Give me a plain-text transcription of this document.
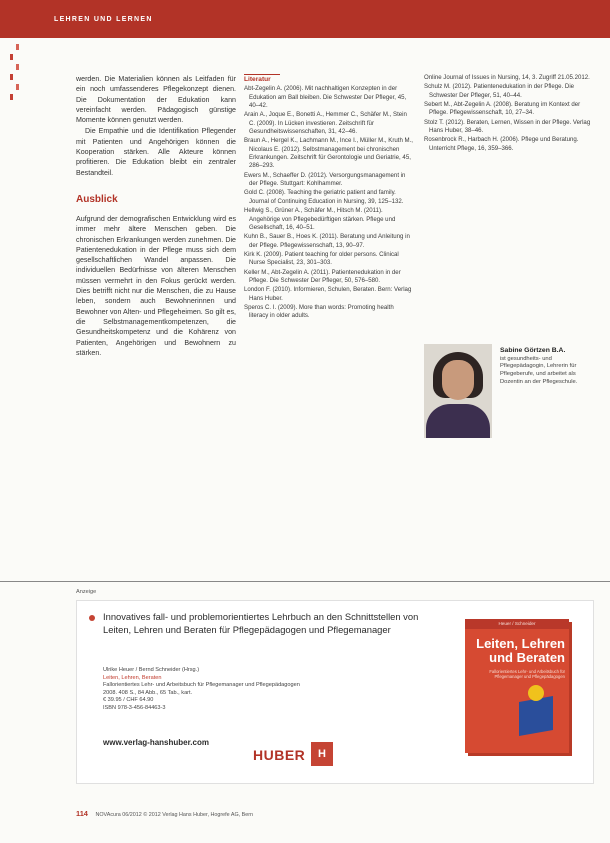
LEHREN UND LERNEN

werden. Die Materialien können als Leitfaden für ein noch umfassenderes Pflegekonzept dienen. Die Dokumentation der Edukation kann vereinfacht werden. Pädagogisch günstige Momente können genutzt werden.

Die Empathie und die Identifikation Pflegender mit Patienten und Angehörigen können die Kooperation stärken. Alle Akteure können profitieren. Die Edukation bleibt ein zentraler Bestandteil.

Ausblick

Aufgrund der demografischen Entwicklung wird es immer mehr ältere Menschen geben. Die chronischen Erkrankungen werden zunehmen. Die Patientenedukation in der Pflege muss sich dem gesellschaftlichen Wandel anpassen. Die individuellen Bedürfnisse von älteren Menschen müssen vermehrt in den Fokus gerückt werden. Dies betrifft nicht nur die Menschen, die zu Hause leben, sondern auch Bewohnerinnen und Bewohner von Alten- und Pflegeheimen. So gilt es, die Selbstmanagementkompetenzen, die Gesundheitskompetenz und die Kohärenz von Patienten, Angehörigen und Bewohnern zu stärken.

Literatur
Abt-Zegelin A. (2006). Mit nachhaltigen Konzepten in der Edukation am Ball bleiben. Die Schwester Der Pfleger, 45, 40–42.
Arain A., Joque E., Bonetti A., Hemmer C., Schäfer M., Stein C. (2009). In Lücken investieren. Zeitschrift für Gesundheitswissenschaften, 31, 42–46.
Braun A., Hergel K., Lachmann M., Ince I., Müller M., Kruth M., Nicolaus E. (2012). Selbstmanagement bei chronischen Erkrankungen. Zeitschrift für Gerontologie und Geriatrie, 45, 286–293.
Ewers M., Schaeffer D. (2012). Versorgungsmanagement in der Pflege. Stuttgart: Kohlhammer.
Gold C. (2008). Teaching the geriatric patient and family. Journal of Continuing Education in Nursing, 39, 125–132.
Hellwig S., Grüner A., Schäfer M., Hitsch M. (2011). Angehörige von Pflegebedürftigen stärken. Pflege und Gesellschaft, 16, 40–51.
Kuhn B., Sauer B., Hoes K. (2011). Beratung und Anleitung in der Pflege. Pflegewissenschaft, 13, 90–97.
Kirk K. (2009). Patient teaching for older persons. Clinical Nurse Specialist, 23, 301–303.
Keller M., Abt-Zegelin A. (2011). Patientenedukation in der Pflege. Die Schwester Der Pfleger, 50, 576–580.
London F. (2010). Informieren, Schulen, Beraten. Bern: Verlag Hans Huber.
Speros C. I. (2009). More than words: Promoting health literacy in older adults.
Online Journal of Issues in Nursing, 14, 3. Zugriff 21.05.2012.
Schulz M. (2012). Patientenedukation in der Pflege. Die Schwester Der Pfleger, 51, 40–44.
Sebert M., Abt-Zegelin A. (2008). Beratung im Kontext der Pflege. Pflegewissenschaft, 10, 27–34.
Stolz T. (2012). Beraten, Lernen, Wissen in der Pflege. Verlag Hans Huber, 38–46.
Rosenbrock R., Harbach H. (2006). Pflege und Beratung. Unterricht Pflege, 16, 359–366.
Sabine Görtzen B.A.
ist gesundheits- und Pflegepädagogin, Lehrerin für Pflegeberufe, und arbeitet als Dozentin an der Pflegeschule.
Anzeige
Innovatives fall- und problemorientiertes Lehrbuch an den Schnittstellen von Leiten, Lehren und Beraten für Pflegepädagogen und Pflegemanager
Ulrike Heuer / Bernd Schneider (Hrsg.)
Leiten, Lehren, Beraten
Fallorientiertes Lehr- und Arbeitsbuch für Pflegemanager und Pflegepädagogen
2008. 408 S., 84 Abb., 65 Tab., kart.
€ 39.95 / CHF 64.90
ISBN 978-3-456-84463-3
www.verlag-hanshuber.com
HUBER	H
Heuer / Schneider
Leiten, Lehren und Beraten
Fallorientiertes Lehr- und Arbeitsbuch für Pflegemanager und Pflegepädagogen
114 NOVAcura 06/2012 © 2012 Verlag Hans Huber, Hogrefe AG, Bern
